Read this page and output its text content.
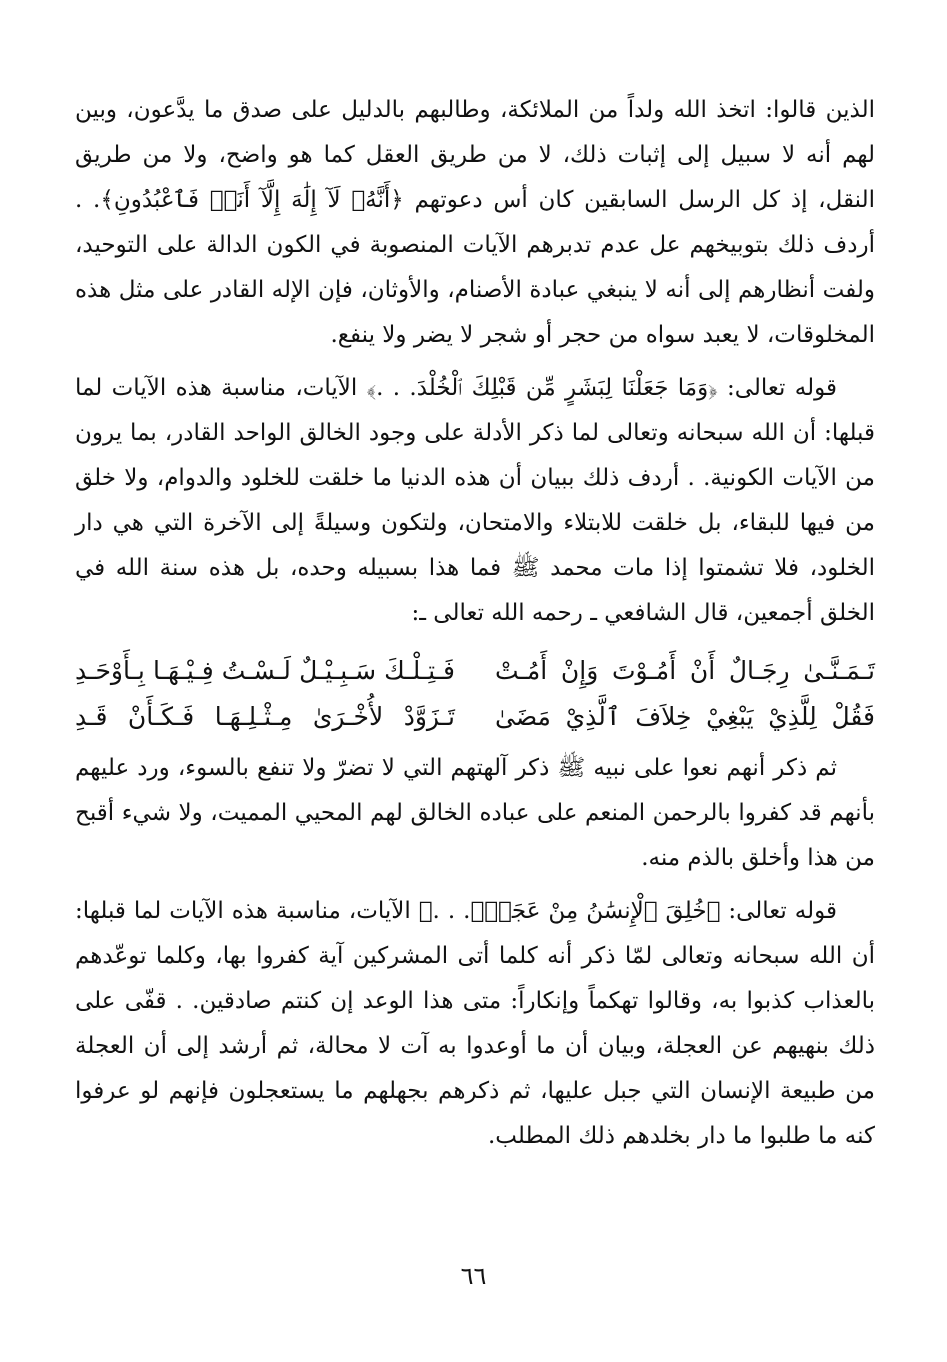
الذين قالوا: اتخذ الله ولداً من الملائكة، وطالبهم بالدليل على صدق ما يدَّعون، وبين لهم أنه لا سبيل إلى إثبات ذلك، لا من طريق العقل كما هو واضح، ولا من طريق النقل، إذ كل الرسل السابقين كان أس دعوتهم ﴿أَنَّهُۥ لَآ إِلَٰهَ إِلَّآ أَنَا۠ فَٱعْبُدُونِ﴾. . أردف ذلك بتوبيخهم عل عدم تدبرهم الآيات المنصوبة في الكون الدالة على التوحيد، ولفت أنظارهم إلى أنه لا ينبغي عبادة الأصنام، والأوثان، فإن الإله القادر على مثل هذه المخلوقات، لا يعبد سواه من حجر أو شجر لا يضر ولا ينفع.

قوله تعالى: ﴿وَمَا جَعَلْنَا لِبَشَرٍ مِّن قَبْلِكَ ٱلْخُلْدَ. . .﴾ الآيات، مناسبة هذه الآيات لما قبلها: أن الله سبحانه وتعالى لما ذكر الأدلة على وجود الخالق الواحد القادر، بما يرون من الآيات الكونية. . أردف ذلك ببيان أن هذه الدنيا ما خلقت للخلود والدوام، ولا خلق من فيها للبقاء، بل خلقت للابتلاء والامتحان، ولتكون وسيلةً إلى الآخرة التي هي دار الخلود، فلا تشمتوا إذا مات محمد ﷺ فما هذا بسبيله وحده، بل هذه سنة الله في الخلق أجمعين، قال الشافعي ـ رحمه الله تعالى ـ:

تَـمَـنَّـىٰ رِجَـالٌ أَنْ أَمُـوْتَ وَإِنْ أَمُـتْ
فَـتِـلْـكَ سَـبِـيْـلٌ لَـسْـتُ فِـيْـهَـا بِـأَوْحَـدِ
فَقُلْ لِلَّذِيْ يَبْغِيْ خِلاَفَ ٱلَّذِيْ مَضَىٰ
تَـزَوَّدْ لأُخْـرَىٰ مِـثْـلِـهَـا فَـكَـأَنْ قَـدِ

ثم ذكر أنهم نعوا على نبيه ﷺ ذكر آلهتهم التي لا تضرّ ولا تنفع بالسوء، ورد عليهم بأنهم قد كفروا بالرحمن المنعم على عباده الخالق لهم المحيي المميت، ولا شيء أقبح من هذا وأخلق بالذم منه.

قوله تعالى: ﴿خُلِقَ ٱلْإِنسَٰنُ مِنْ عَجَلٍۚ. . .﴾ الآيات، مناسبة هذه الآيات لما قبلها: أن الله سبحانه وتعالى لمّا ذكر أنه كلما أتى المشركين آية كفروا بها، وكلما توعّدهم بالعذاب كذبوا به، وقالوا تهكماً وإنكاراً: متى هذا الوعد إن كنتم صادقين. . قفّى على ذلك بنهيهم عن العجلة، وبيان أن ما أوعدوا به آت لا محالة، ثم أرشد إلى أن العجلة من طبيعة الإنسان التي جبل عليها، ثم ذكرهم بجهلهم ما يستعجلون فإنهم لو عرفوا كنه ما طلبوا ما دار بخلدهم ذلك المطلب.

٦٦
